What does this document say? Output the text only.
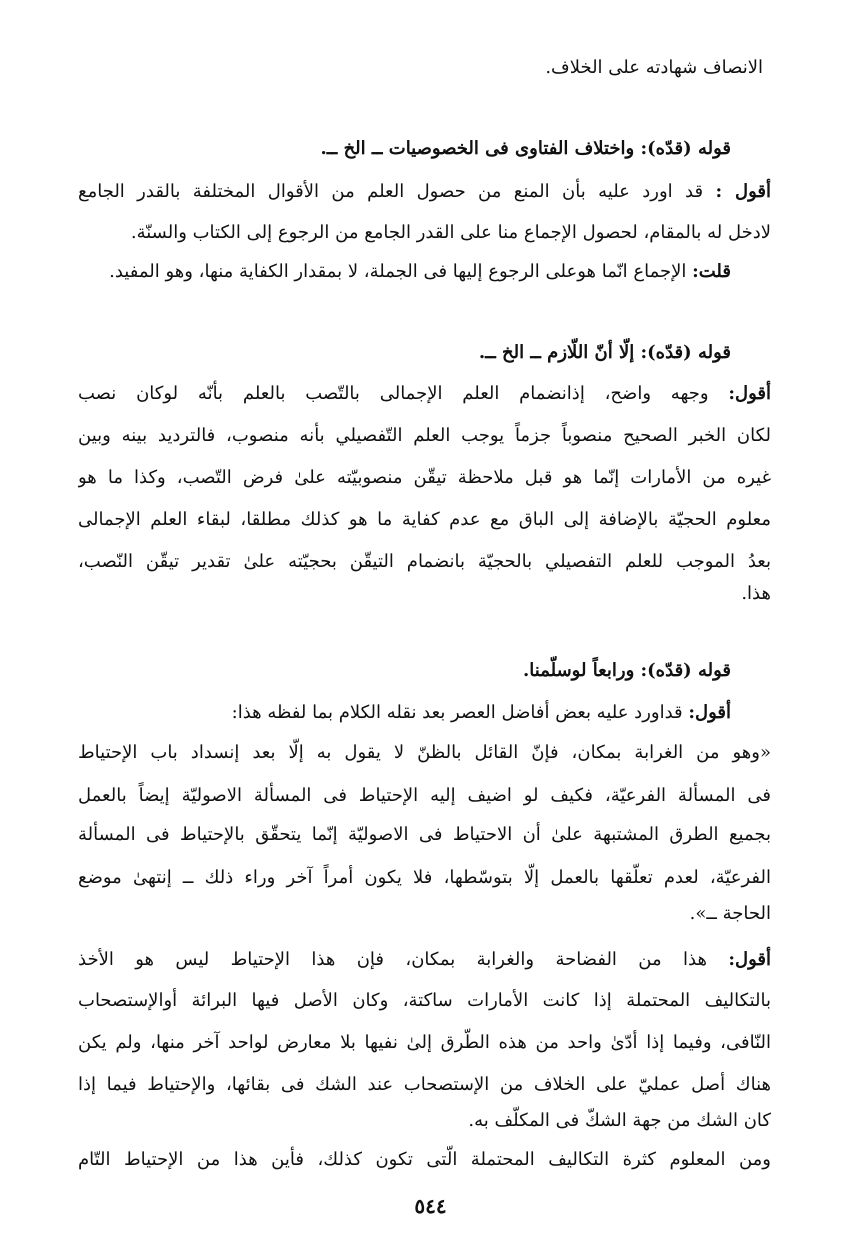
الانصاف شهادته على الخلاف.
قوله (قدّه): واختلاف الفتاوى فى الخصوصيات ــ الخ ــ.
أقول : قد اورد عليه بأن المنع من حصول العلم من الأقوال المختلفة بالقدر الجامع
لادخل له بالمقام، لحصول الإجماع منا على القدر الجامع من الرجوع إلى الكتاب والسنّة.
قلت: الإجماع انّما هوعلى الرجوع إليها فى الجملة، لا بمقدار الكفاية منها، وهو المفيد.
قوله (قدّه): إلّا أنّ اللّازم ــ الخ ــ.
أقول: وجهه واضح، إذانضمام العلم الإجمالى بالتّصب بالعلم بأنّه لوكان نصب
لكان الخبر الصحيح منصوباً جزماً يوجب العلم التّفصيلي بأنه منصوب، فالترديد بينه وبين
غيره من الأمارات إنّما هو قبل ملاحظة تيقّن منصوبيّته علىٰ فرض التّصب، وكذا ما هو
معلوم الحجيّة بالإضافة إلى الباق مع عدم كفاية ما هو كذلك مطلقا، لبقاء العلم الإجمالى
بعدُ الموجب للعلم التفصيلي بالحجيّة بانضمام التيقّن بحجيّته علىٰ تقدير تيقّن النّصب،
هذا.
قوله (قدّه): ورابعاً لوسلّمنا.
أقول: قداورد عليه بعض أفاضل العصر بعد نقله الكلام بما لفظه هذا:
«وهو من الغرابة بمكان، فإنّ القائل بالظنّ لا يقول به إلّا بعد إنسداد باب الإحتياط
فى المسألة الفرعيّة، فكيف لو اضيف إليه الإحتياط فى المسألة الاصوليّة إيضاً بالعمل
بجميع الطرق المشتبهة علىٰ أن الاحتياط فى الاصوليّة إنّما يتحقّق بالإحتياط فى المسألة
الفرعيّة، لعدم تعلّقها بالعمل إلّا بتوسّطها، فلا يكون أمراً آخر وراء ذلك ــ إنتهىٰ موضع
الحاجة ــ».
أقول: هذا من الفضاحة والغرابة بمكان، فإن هذا الإحتياط ليس هو الأخذ
بالتكاليف المحتملة إذا كانت الأمارات ساكتة، وكان الأصل فيها البرائة أوالإستصحاب
النّافى، وفيما إذا أدّىٰ واحد من هذه الطّرق إلىٰ نفيها بلا معارض لواحد آخر منها، ولم يكن
هناك أصل عمليّ على الخلاف من الإستصحاب عند الشك فى بقائها، والإحتياط فيما إذا
كان الشك من جهة الشكّ فى المكلّف به.
ومن المعلوم كثرة التكاليف المحتملة الّتى تكون كذلك، فأين هذا من الإحتياط التّام
٥٤٤
